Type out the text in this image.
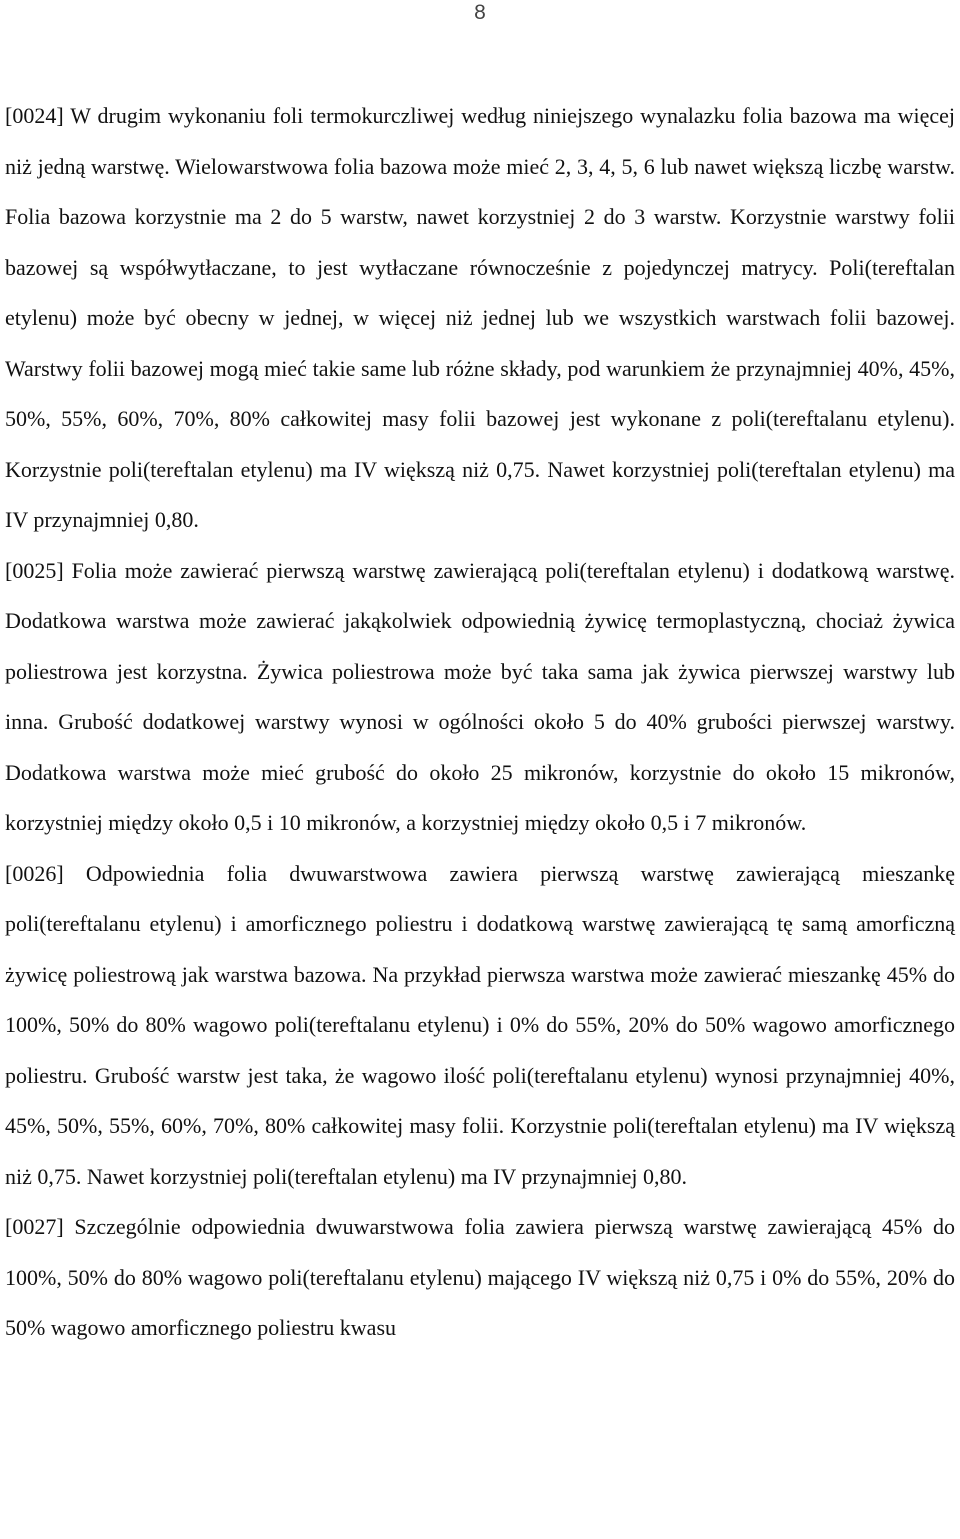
8

[0024] W drugim wykonaniu foli termokurczliwej według niniejszego wynalazku folia bazowa ma więcej niż jedną warstwę. Wielowarstwowa folia bazowa może mieć 2, 3, 4, 5, 6 lub nawet większą liczbę warstw. Folia bazowa korzystnie ma 2 do 5 warstw, nawet korzystniej 2 do 3 warstw. Korzystnie warstwy folii bazowej są współwytłaczane, to jest wytłaczane równocześnie z pojedynczej matrycy. Poli(tereftalan etylenu) może być obecny w jednej, w więcej niż jednej lub we wszystkich warstwach folii bazowej. Warstwy folii bazowej mogą mieć takie same lub różne składy, pod warunkiem że przynajmniej 40%, 45%, 50%, 55%, 60%, 70%, 80% całkowitej masy folii bazowej jest wykonane z poli(tereftalanu etylenu). Korzystnie poli(tereftalan etylenu) ma IV większą niż 0,75. Nawet korzystniej poli(tereftalan etylenu) ma IV przynajmniej 0,80.

[0025] Folia może zawierać pierwszą warstwę zawierającą poli(tereftalan etylenu) i dodatkową warstwę. Dodatkowa warstwa może zawierać jakąkolwiek odpowiednią żywicę termoplastyczną, chociaż żywica poliestrowa jest korzystna. Żywica poliestrowa może być taka sama jak żywica pierwszej warstwy lub inna. Grubość dodatkowej warstwy wynosi w ogólności około 5 do 40% grubości pierwszej warstwy. Dodatkowa warstwa może mieć grubość do około 25 mikronów, korzystnie do około 15 mikronów, korzystniej między około 0,5 i 10 mikronów, a korzystniej między około 0,5 i 7 mikronów.

[0026] Odpowiednia folia dwuwarstwowa zawiera pierwszą warstwę zawierającą mieszankę poli(tereftalanu etylenu) i amorficznego poliestru i dodatkową warstwę zawierającą tę samą amorficzną żywicę poliestrową jak warstwa bazowa. Na przykład pierwsza warstwa może zawierać mieszankę 45% do 100%, 50% do 80% wagowo poli(tereftalanu etylenu) i 0% do 55%, 20% do 50% wagowo amorficznego poliestru. Grubość warstw jest taka, że wagowo ilość poli(tereftalanu etylenu) wynosi przynajmniej 40%, 45%, 50%, 55%, 60%, 70%, 80% całkowitej masy folii. Korzystnie poli(tereftalan etylenu) ma IV większą niż 0,75. Nawet korzystniej poli(tereftalan etylenu) ma IV przynajmniej 0,80.

[0027] Szczególnie odpowiednia dwuwarstwowa folia zawiera pierwszą warstwę zawierającą 45% do 100%, 50% do 80% wagowo poli(tereftalanu etylenu) mającego IV większą niż 0,75 i 0% do 55%, 20% do 50% wagowo amorficznego poliestru kwasu
